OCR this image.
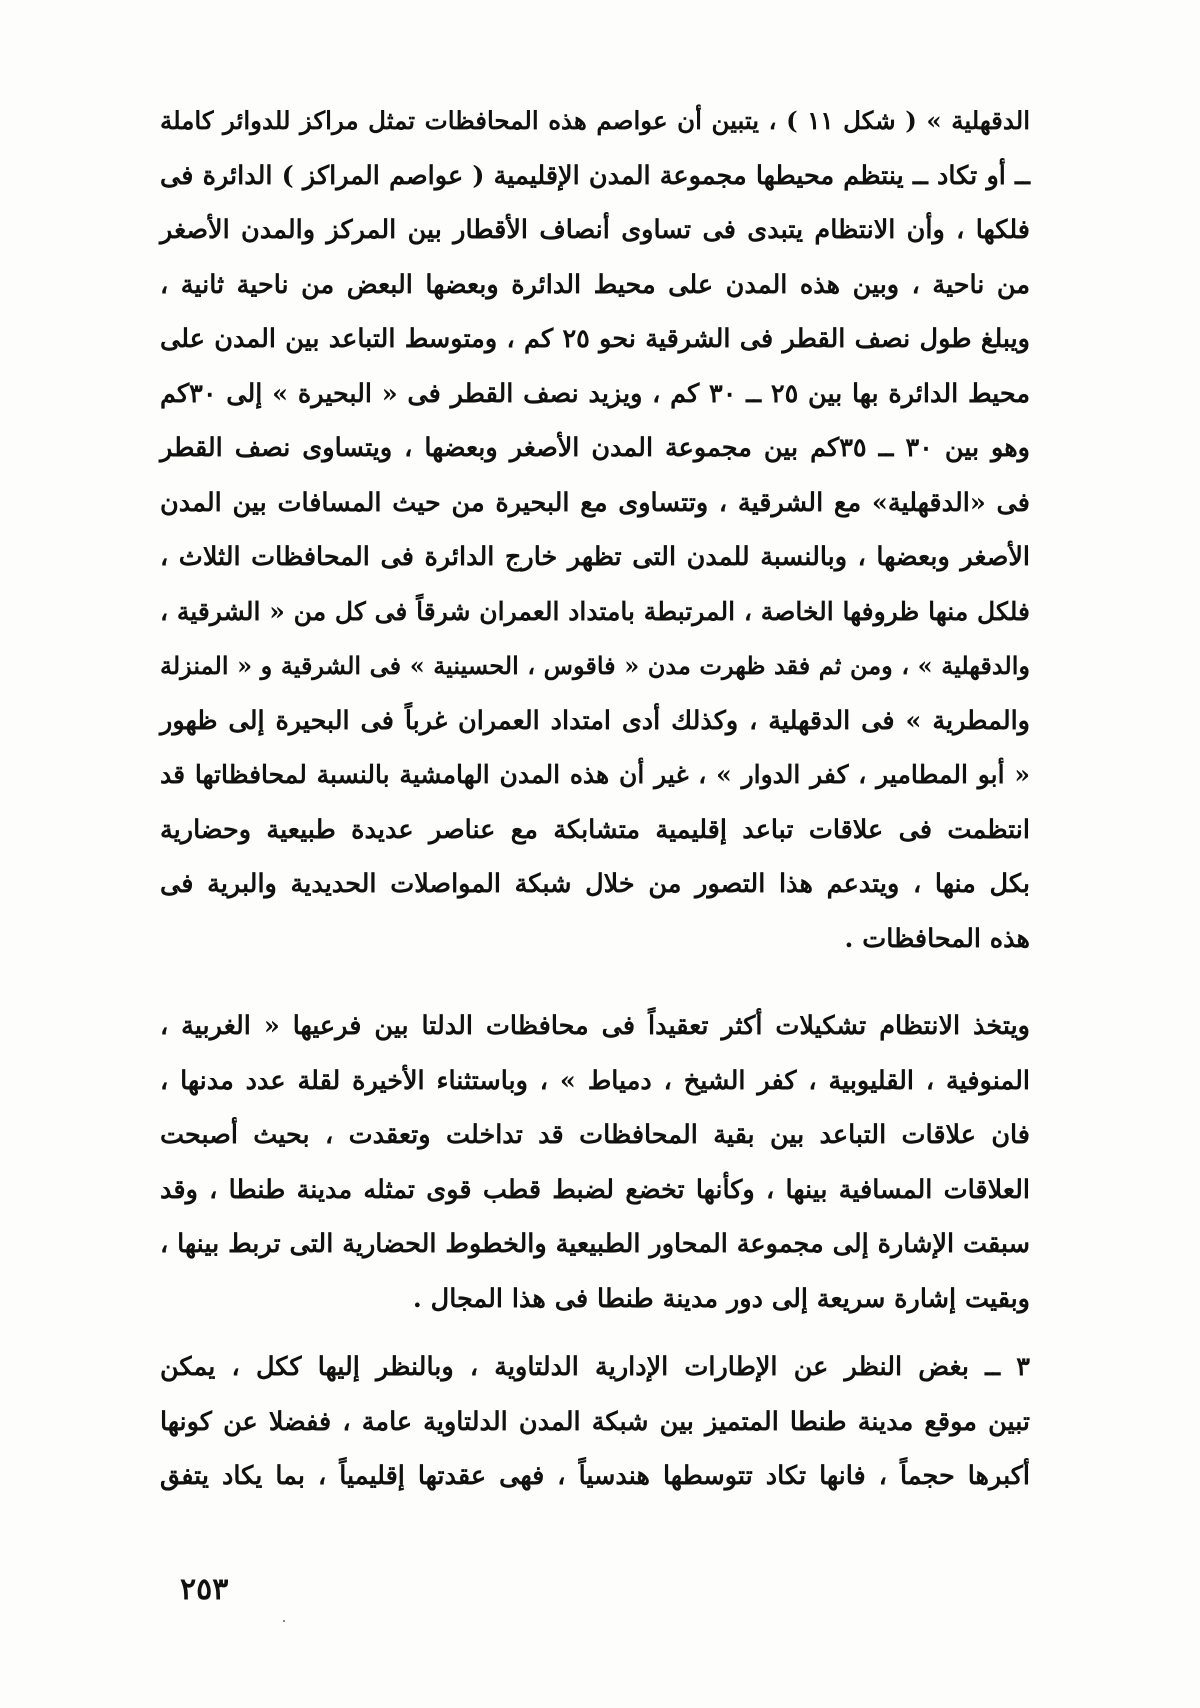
الدقهلية » ( شكل ١١ ) ، يتبين أن عواصم هذه المحافظات تمثل مراكز للدوائر كاملة
ــ أو تكاد ــ ينتظم محيطها مجموعة المدن الإقليمية ( عواصم المراكز ) الدائرة فى
فلكها ، وأن الانتظام يتبدى فى تساوى أنصاف الأقطار بين المركز والمدن الأصغر
من ناحية ، وبين هذه المدن على محيط الدائرة وبعضها البعض من ناحية ثانية ،
ويبلغ طول نصف القطر فى الشرقية نحو ٢٥ كم ، ومتوسط التباعد بين المدن على
محيط الدائرة بها بين ٢٥ ــ ٣٠ كم ، ويزيد نصف القطر فى « البحيرة » إلى ٣٠كم
وهو بين ٣٠ ــ ٣٥كم بين مجموعة المدن الأصغر وبعضها ، ويتساوى نصف القطر
فى «الدقهلية» مع الشرقية ، وتتساوى مع البحيرة من حيث المسافات بين المدن
الأصغر وبعضها ، وبالنسبة للمدن التى تظهر خارج الدائرة فى المحافظات الثلاث ،
فلكل منها ظروفها الخاصة ، المرتبطة بامتداد العمران شرقاً فى كل من « الشرقية ،
والدقهلية » ، ومن ثم فقد ظهرت مدن « فاقوس ، الحسينية » فى الشرقية و « المنزلة
والمطرية » فى الدقهلية ، وكذلك أدى امتداد العمران غرباً فى البحيرة إلى ظهور
« أبو المطامير ، كفر الدوار » ، غير أن هذه المدن الهامشية بالنسبة لمحافظاتها قد
انتظمت فى علاقات تباعد إقليمية متشابكة مع عناصر عديدة طبيعية وحضارية
بكل منها ، ويتدعم هذا التصور من خلال شبكة المواصلات الحديدية والبرية فى
هذه المحافظات .
ويتخذ الانتظام تشكيلات أكثر تعقيداً فى محافظات الدلتا بين فرعيها « الغربية ،
المنوفية ، القليوبية ، كفر الشيخ ، دمياط » ، وباستثناء الأخيرة لقلة عدد مدنها ،
فان علاقات التباعد بين بقية المحافظات قد تداخلت وتعقدت ، بحيث أصبحت
العلاقات المسافية بينها ، وكأنها تخضع لضبط قطب قوى تمثله مدينة طنطا ، وقد
سبقت الإشارة إلى مجموعة المحاور الطبيعية والخطوط الحضارية التى تربط بينها ،
وبقيت إشارة سريعة إلى دور مدينة طنطا فى هذا المجال .
٣ ــ بغض النظر عن الإطارات الإدارية الدلتاوية ، وبالنظر إليها ككل ، يمكن
تبين موقع مدينة طنطا المتميز بين شبكة المدن الدلتاوية عامة ، ففضلا عن كونها
أكبرها حجماً ، فانها تكاد تتوسطها هندسياً ، فهى عقدتها إقليمياً ، بما يكاد يتفق
٢٥٣
